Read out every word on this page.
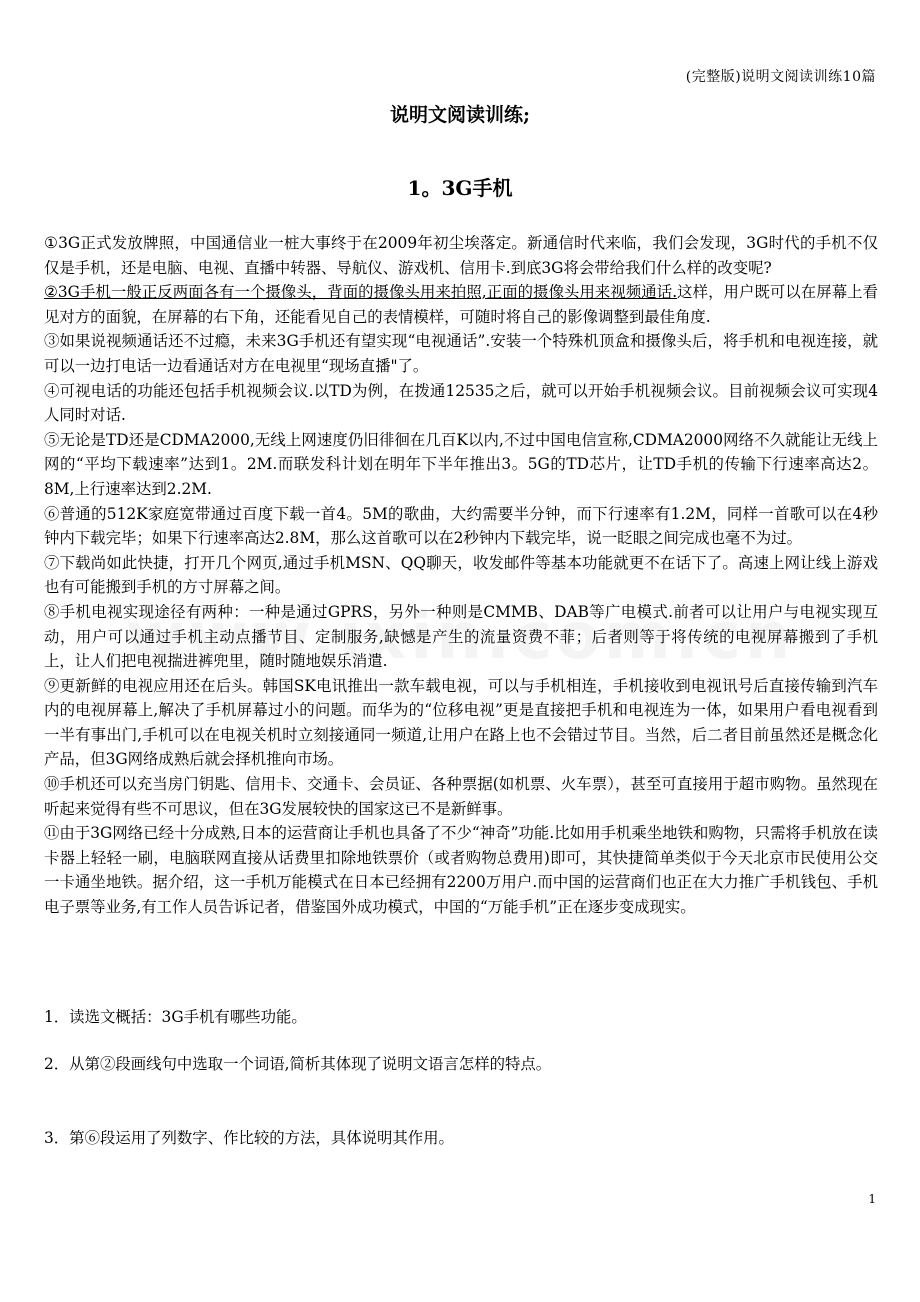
(完整版)说明文阅读训练10篇
说明文阅读训练;
1。3G手机

①3G正式发放牌照，中国通信业一桩大事终于在2009年初尘埃落定。新通信时代来临，我们会发现，3G时代的手机不仅仅是手机，还是电脑、电视、直播中转器、导航仪、游戏机、信用卡.到底3G将会带给我们什么样的改变呢?

②3G手机一般正反两面各有一个摄像头，背面的摄像头用来拍照,正面的摄像头用来视频通话.这样，用户既可以在屏幕上看见对方的面貌，在屏幕的右下角，还能看见自己的表情模样，可随时将自己的影像调整到最佳角度.

③如果说视频通话还不过瘾，未来3G手机还有望实现“电视通话”.安装一个特殊机顶盒和摄像头后，将手机和电视连接，就可以一边打电话一边看通话对方在电视里“现场直播"了。

④可视电话的功能还包括手机视频会议.以TD为例，在拨通12535之后，就可以开始手机视频会议。目前视频会议可实现4人同时对话.

⑤无论是TD还是CDMA2000,无线上网速度仍旧徘徊在几百K以内,不过中国电信宣称,CDMA2000网络不久就能让无线上网的“平均下载速率”达到1。2M.而联发科计划在明年下半年推出3。5G的TD芯片，让TD手机的传输下行速率高达2。8M,上行速率达到2.2M.

⑥普通的512K家庭宽带通过百度下载一首4。5M的歌曲，大约需要半分钟，而下行速率有1.2M，同样一首歌可以在4秒钟内下载完毕；如果下行速率高达2.8M，那么这首歌可以在2秒钟内下载完毕，说一眨眼之间完成也毫不为过。

⑦下载尚如此快捷，打开几个网页,通过手机MSN、QQ聊天，收发邮件等基本功能就更不在话下了。高速上网让线上游戏也有可能搬到手机的方寸屏幕之间。

⑧手机电视实现途径有两种：一种是通过GPRS，另外一种则是CMMB、DAB等广电模式.前者可以让用户与电视实现互动，用户可以通过手机主动点播节目、定制服务,缺憾是产生的流量资费不菲；后者则等于将传统的电视屏幕搬到了手机上，让人们把电视揣进裤兜里，随时随地娱乐消遣.

⑨更新鲜的电视应用还在后头。韩国SK电讯推出一款车载电视，可以与手机相连，手机接收到电视讯号后直接传输到汽车内的电视屏幕上,解决了手机屏幕过小的问题。而华为的“位移电视”更是直接把手机和电视连为一体，如果用户看电视看到一半有事出门,手机可以在电视关机时立刻接通同一频道,让用户在路上也不会错过节目。当然，后二者目前虽然还是概念化产品，但3G网络成熟后就会择机推向市场。

⑩手机还可以充当房门钥匙、信用卡、交通卡、会员证、各种票据(如机票、火车票），甚至可直接用于超市购物。虽然现在听起来觉得有些不可思议，但在3G发展较快的国家这已不是新鲜事。

⑪由于3G网络已经十分成熟,日本的运营商让手机也具备了不少“神奇”功能.比如用手机乘坐地铁和购物，只需将手机放在读卡器上轻轻一刷，电脑联网直接从话费里扣除地铁票价（或者购物总费用)即可，其快捷简单类似于今天北京市民使用公交一卡通坐地铁。据介绍，这一手机万能模式在日本已经拥有2200万用户.而中国的运营商们也正在大力推广手机钱包、手机电子票等业务,有工作人员告诉记者，借鉴国外成功模式，中国的“万能手机”正在逐步变成现实。

1．读选文概括：3G手机有哪些功能。
2．从第②段画线句中选取一个词语,简析其体现了说明文语言怎样的特点。
3．第⑥段运用了列数字、作比较的方法，具体说明其作用。
1
